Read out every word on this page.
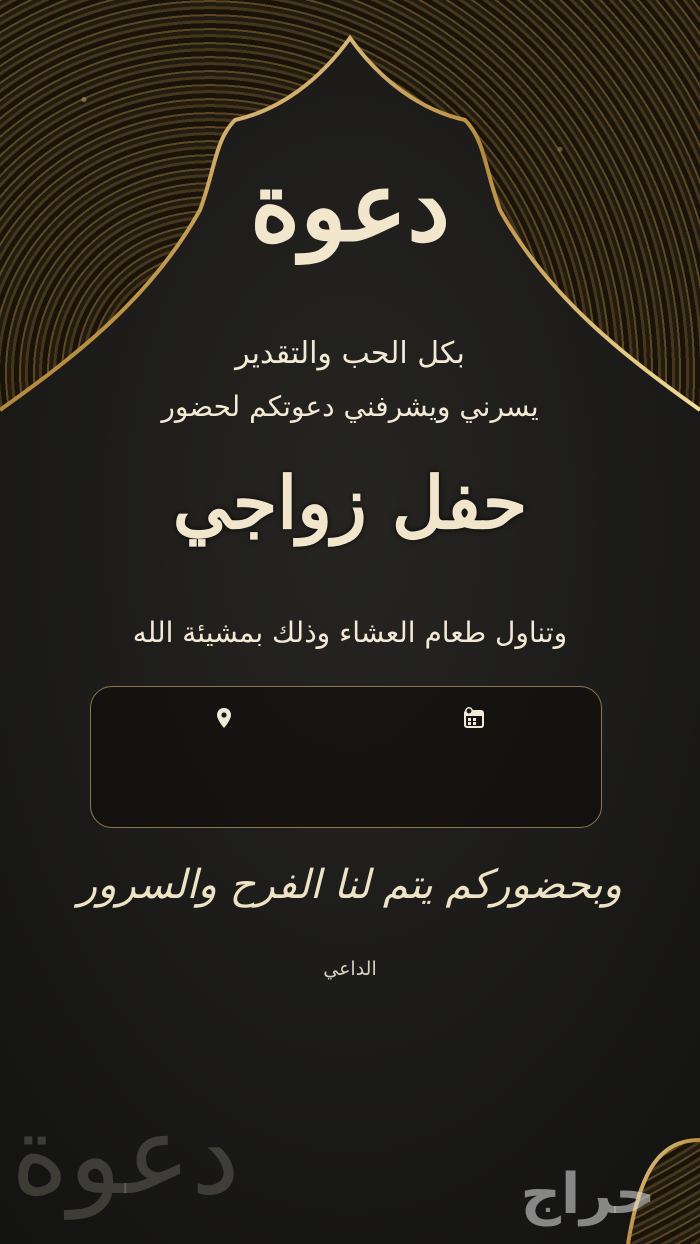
دعوة
بكل الحب والتقدير
يسرني ويشرفني دعوتكم لحضور
حفل زواجي
وتناول طعام العشاء وذلك بمشيئة الله
وبحضوركم يتم لنا الفرح والسرور
الداعي
دعوة	حراج
